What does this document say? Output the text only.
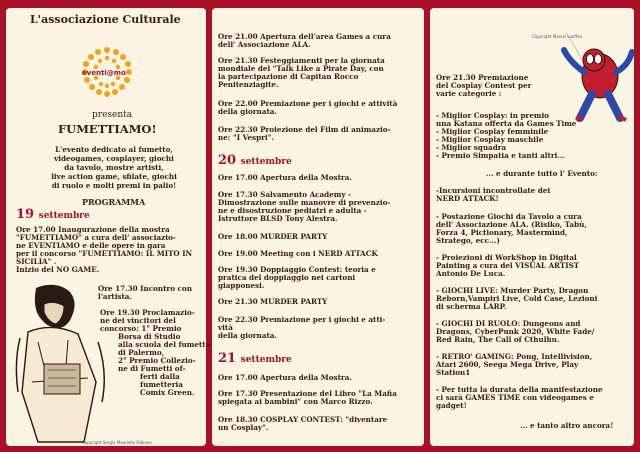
L'associazione Culturale
eventi@mo
presenta
FUMETTIAMO!
L'evento dedicato al fumetto,
videogames, cosplayer, giochi
da tavolo, mostre artisti,
live action game, sfilate, giochi
di ruolo e molti premi in palio!
PROGRAMMA
19 settembre
Ore 17.00 Inaugurazione della mostra
"FUMETTIAMO" a cura dell' associazio-
ne EVENTIAMO e delle opere in gara
per il concorso "FUMETTIAMO: IL MITO IN
SICILIA" .
Inizio del NO GAME.
Ore 17.30 Incontro con
l'artista.
Ore 19.30 Proclamazio-
ne dei vincitori del
concorso: 1° Premio
Borsa di Studio
alla scuola del fumetto
di Palermo,
2° Premio Collezio-
ne di Fumetti of-
ferti dalla
fumetteria
Comix Green.
Copyright Sergio Mauriello Fabiano
Ore 21.00 Apertura dell'area Games a cura
dell' Associazione ALA.
Ore 21.30 Festeggiamenti per la giornata
mondiale del "Talk Like a Pirate Day, con
la partecipazione di Capitan Rocco
Penitenziagite.
Ore 22.00 Premiazione per i giochi e attività
della giornata.
Ore 22.30 Proiezione del Film di animazio-
ne: "I Vespri".
20 settembre
Ore 17.00 Apertura della Mostra.
Ore 17.30 Salvamento Academy -
Dimostrazione sulle manovre di prevenzio-
ne e disostruzione pediatri e adulta -
Istruttore BLSD Tony Alestra.
Ore 18.00 MURDER PARTY
Ore 19.00 Meeting con i NERD ATTACK
Ore 19.30 Doppiaggio Contest: teoria e
pratica del doppiaggio nei cartoni
giapponesi.
Ore 21.30 MURDER PARTY
Ore 22.30 Premiazione per i giochi e atti-
vità
della giornata.
21 settembre
Ore 17.00 Apertura della Mostra.
Ore 17.30 Presentazione del Libro "La Mafia
spiegata ai bambini" con Marco Rizzo.
Ore 18.30 COSPLAY CONTEST: "diventare
un Cosplay".
Copyright Marcel Loeffen
Ore 21.30 Premiazione
del Cosplay Contest per
varie categorie :
- Miglior Cosplay: in premio
una Katana offerta da Games Time
- Miglior Cosplay femminile
- Miglior Cosplay maschile
- Miglior squadra
- Premio Simpatia e tanti altri...
... e durante tutto l' Evento:
-Incursioni incontrollate dei
NERD ATTACK!
- Postazione Giochi da Tavolo a cura
dell' Associazione ALA. (Risiko, Tabù,
Forza 4, Pictionary, Mastermind,
Stratego, ecc...)
- Proiezioni di WorkShop in Digital
Painting a cura del VISUAL ARTIST
Antonio De Luca.
- GIOCHI LIVE: Murder Party, Dragon
Reborn,Vampiri Live, Cold Case, Lezioni
di scherma LARP.
- GIOCHI DI RUOLO: Dungeons and
Dragons, CyberPunk 2020, White Fade/
Red Rain, The Call of Cthulhu.
- RETRO' GAMING: Pong, Intellivision,
Atari 2600, Seega Mega Drive, Play
Station1
- Per tutta la durata della manifestazione
ci sarà GAMES TIME con videogames e
gadget!
... e tanto altro ancora!
